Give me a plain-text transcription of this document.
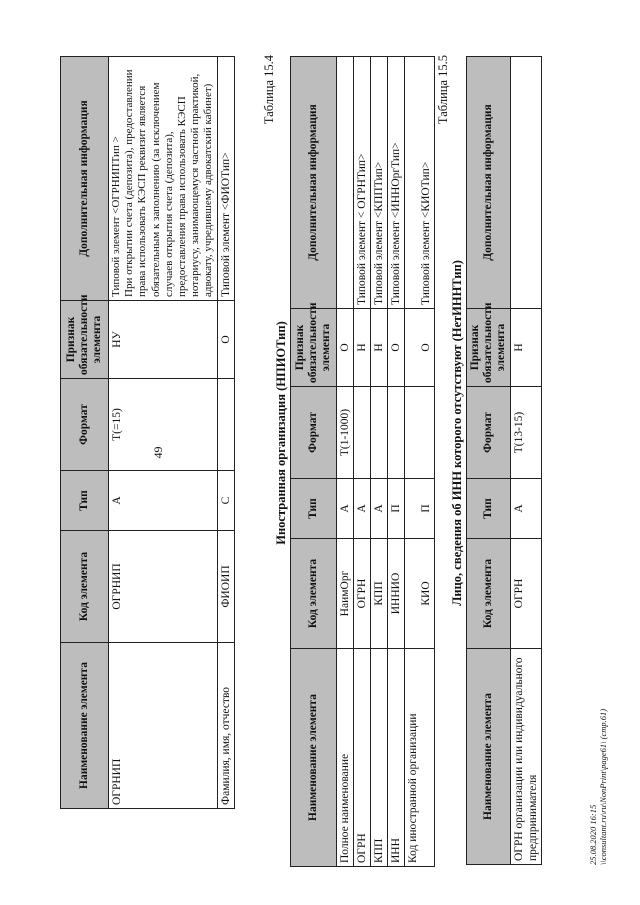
49
Наименование элемента	Код элемента	Тип	Формат	Признак обязательности элемента	Дополнительная информация
ОГРНИП	ОГРНИП	А	Т(=15)	НУ	Типовой элемент <ОГРНИПТип >
При открытии счета (депозита), предоставлении права использовать КЭСП реквизит является обязательным к заполнению (за исключением случаев открытия счета (депозита), предоставления права использовать КЭСП нотариусу, занимающемуся частной практикой, адвокату, учредившему адвокатский кабинет)
Фамилия, имя, отчество	ФИОИП	С		О	Типовой элемент <ФИОТип>
Таблица 15.4
Иностранная организация (НПИОТип)
Наименование элемента	Код элемента	Тип	Формат	Признак обязательности элемента	Дополнительная информация
Полное наименование	НаимОрг	А	Т(1-1000)	О	
ОГРН	ОГРН	А		Н	Типовой элемент < ОГРНТип>
КПП	КПП	А		Н	Типовой элемент <КППТип>
ИНН	ИННИО	П		О	Типовой элемент <ИННОргТип>
Код иностранной организации	КИО	П		О	Типовой элемент <КИОТип>
Таблица 15.5
Лицо, сведения об ИНН которого отсутствуют (НетИННТип)
Наименование элемента	Код элемента	Тип	Формат	Признак обязательности элемента	Дополнительная информация
ОГРН организации или индивидуального предпринимателя	ОГРН	А	Т(13-15)	Н	
25.08.2020 16:15 \\consultant.ru\ru\NonPrint\page61\ (стр.61)
